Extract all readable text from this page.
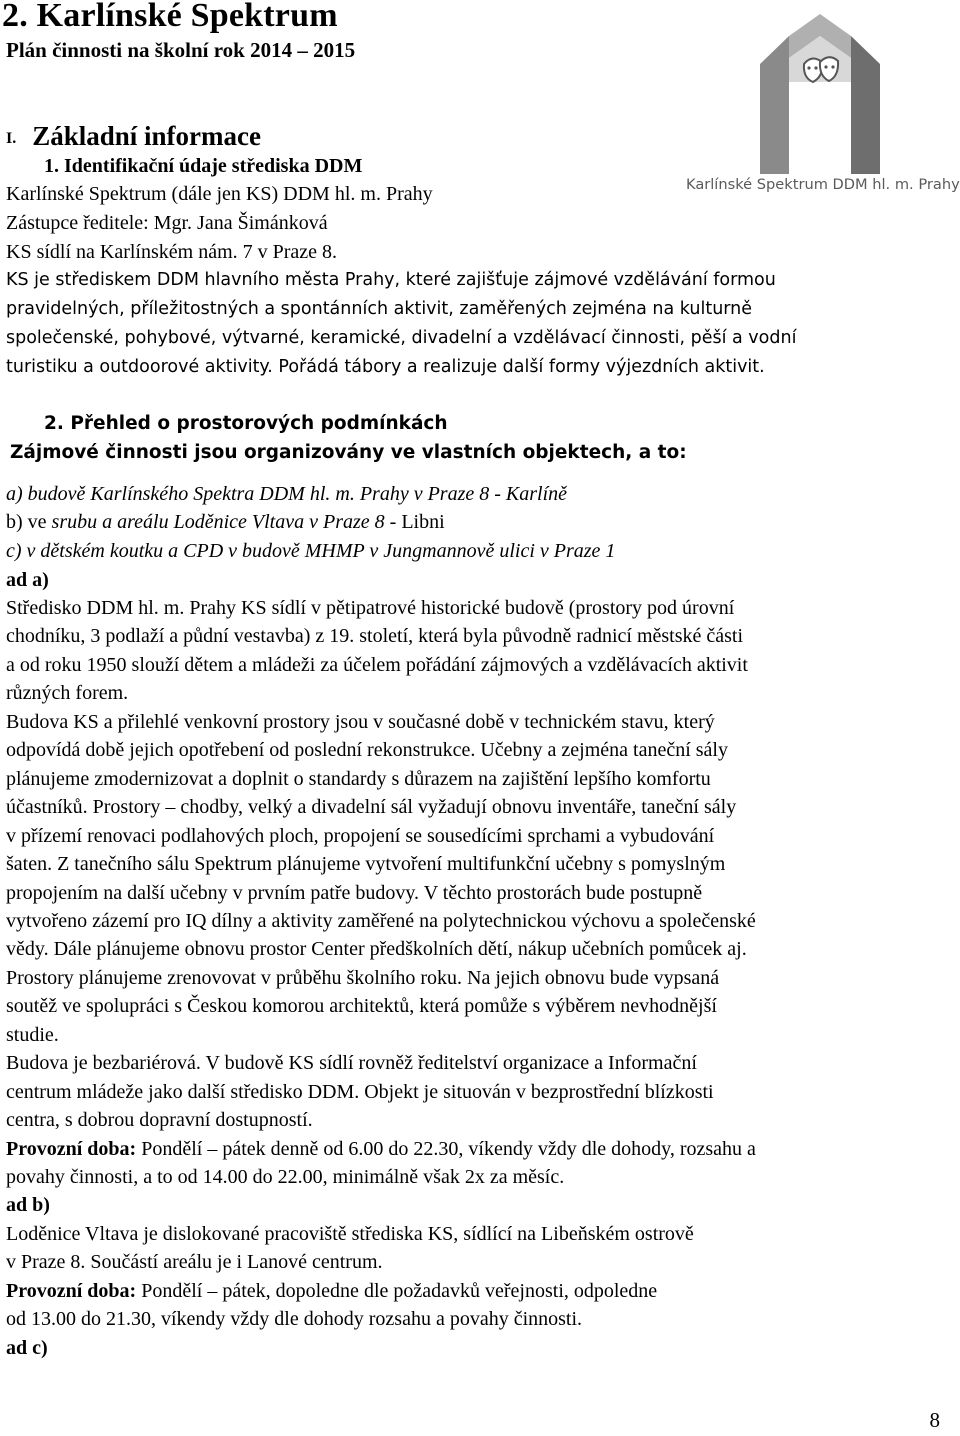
2. Karlínské Spektrum
Plán činnosti na školní rok 2014 – 2015
Karlínské Spektrum DDM hl. m. Prahy
I. Základní informace
1. Identifikační údaje střediska DDM
Karlínské Spektrum (dále jen KS) DDM hl. m. Prahy
Zástupce ředitele: Mgr. Jana Šimánková
KS sídlí na Karlínském nám. 7 v Praze 8.
KS je střediskem DDM hlavního města Prahy, které zajišťuje zájmové vzdělávání formou
pravidelných, příležitostných a spontánních aktivit, zaměřených zejména na kulturně
společenské, pohybové, výtvarné, keramické, divadelní a vzdělávací činnosti, pěší a vodní
turistiku a outdoorové aktivity. Pořádá tábory a realizuje další formy výjezdních aktivit.
2. Přehled o prostorových podmínkách
Zájmové činnosti jsou organizovány ve vlastních objektech, a to:
a) budově Karlínského Spektra DDM hl. m. Prahy v Praze 8 - Karlíně
b) ve srubu a areálu Loděnice Vltava v Praze 8 - Libni
c) v dětském koutku a CPD v budově MHMP v Jungmannově ulici v Praze 1
ad a)
Středisko DDM hl. m. Prahy KS sídlí v pětipatrové historické budově (prostory pod úrovní
chodníku, 3 podlaží a půdní vestavba) z 19. století, která byla původně radnicí městské části
a od roku 1950 slouží dětem a mládeži za účelem pořádání zájmových a vzdělávacích aktivit
různých forem.
Budova KS a přilehlé venkovní prostory jsou v současné době v technickém stavu, který
odpovídá době jejich opotřebení od poslední rekonstrukce. Učebny a zejména taneční sály
plánujeme zmodernizovat a doplnit o standardy s důrazem na zajištění lepšího komfortu
účastníků. Prostory – chodby, velký a divadelní sál vyžadují obnovu inventáře, taneční sály
v přízemí renovaci podlahových ploch, propojení se sousedícími sprchami a vybudování
šaten. Z tanečního sálu Spektrum plánujeme vytvoření multifunkční učebny s pomyslným
propojením na další učebny v prvním patře budovy. V těchto prostorách bude postupně
vytvořeno zázemí pro IQ dílny a aktivity zaměřené na polytechnickou výchovu a společenské
vědy. Dále plánujeme obnovu prostor Center předškolních dětí, nákup učebních pomůcek aj.
Prostory plánujeme zrenovovat v průběhu školního roku. Na jejich obnovu bude vypsaná
soutěž ve spolupráci s Českou komorou architektů, která pomůže s výběrem nevhodnější
studie.
Budova je bezbariérová. V budově KS sídlí rovněž ředitelství organizace a Informační
centrum mládeže jako další středisko DDM. Objekt je situován v bezprostřední blízkosti
centra, s dobrou dopravní dostupností.
Provozní doba: Pondělí – pátek denně od 6.00 do 22.30, víkendy vždy dle dohody, rozsahu a
povahy činnosti, a to od 14.00 do 22.00, minimálně však 2x za měsíc.
ad b)
Loděnice Vltava je dislokované pracoviště střediska KS, sídlící na Libeňském ostrově
v Praze 8. Součástí areálu je i Lanové centrum.
Provozní doba: Pondělí – pátek, dopoledne dle požadavků veřejnosti, odpoledne
od 13.00 do 21.30, víkendy vždy dle dohody rozsahu a povahy činnosti.
ad c)
8
